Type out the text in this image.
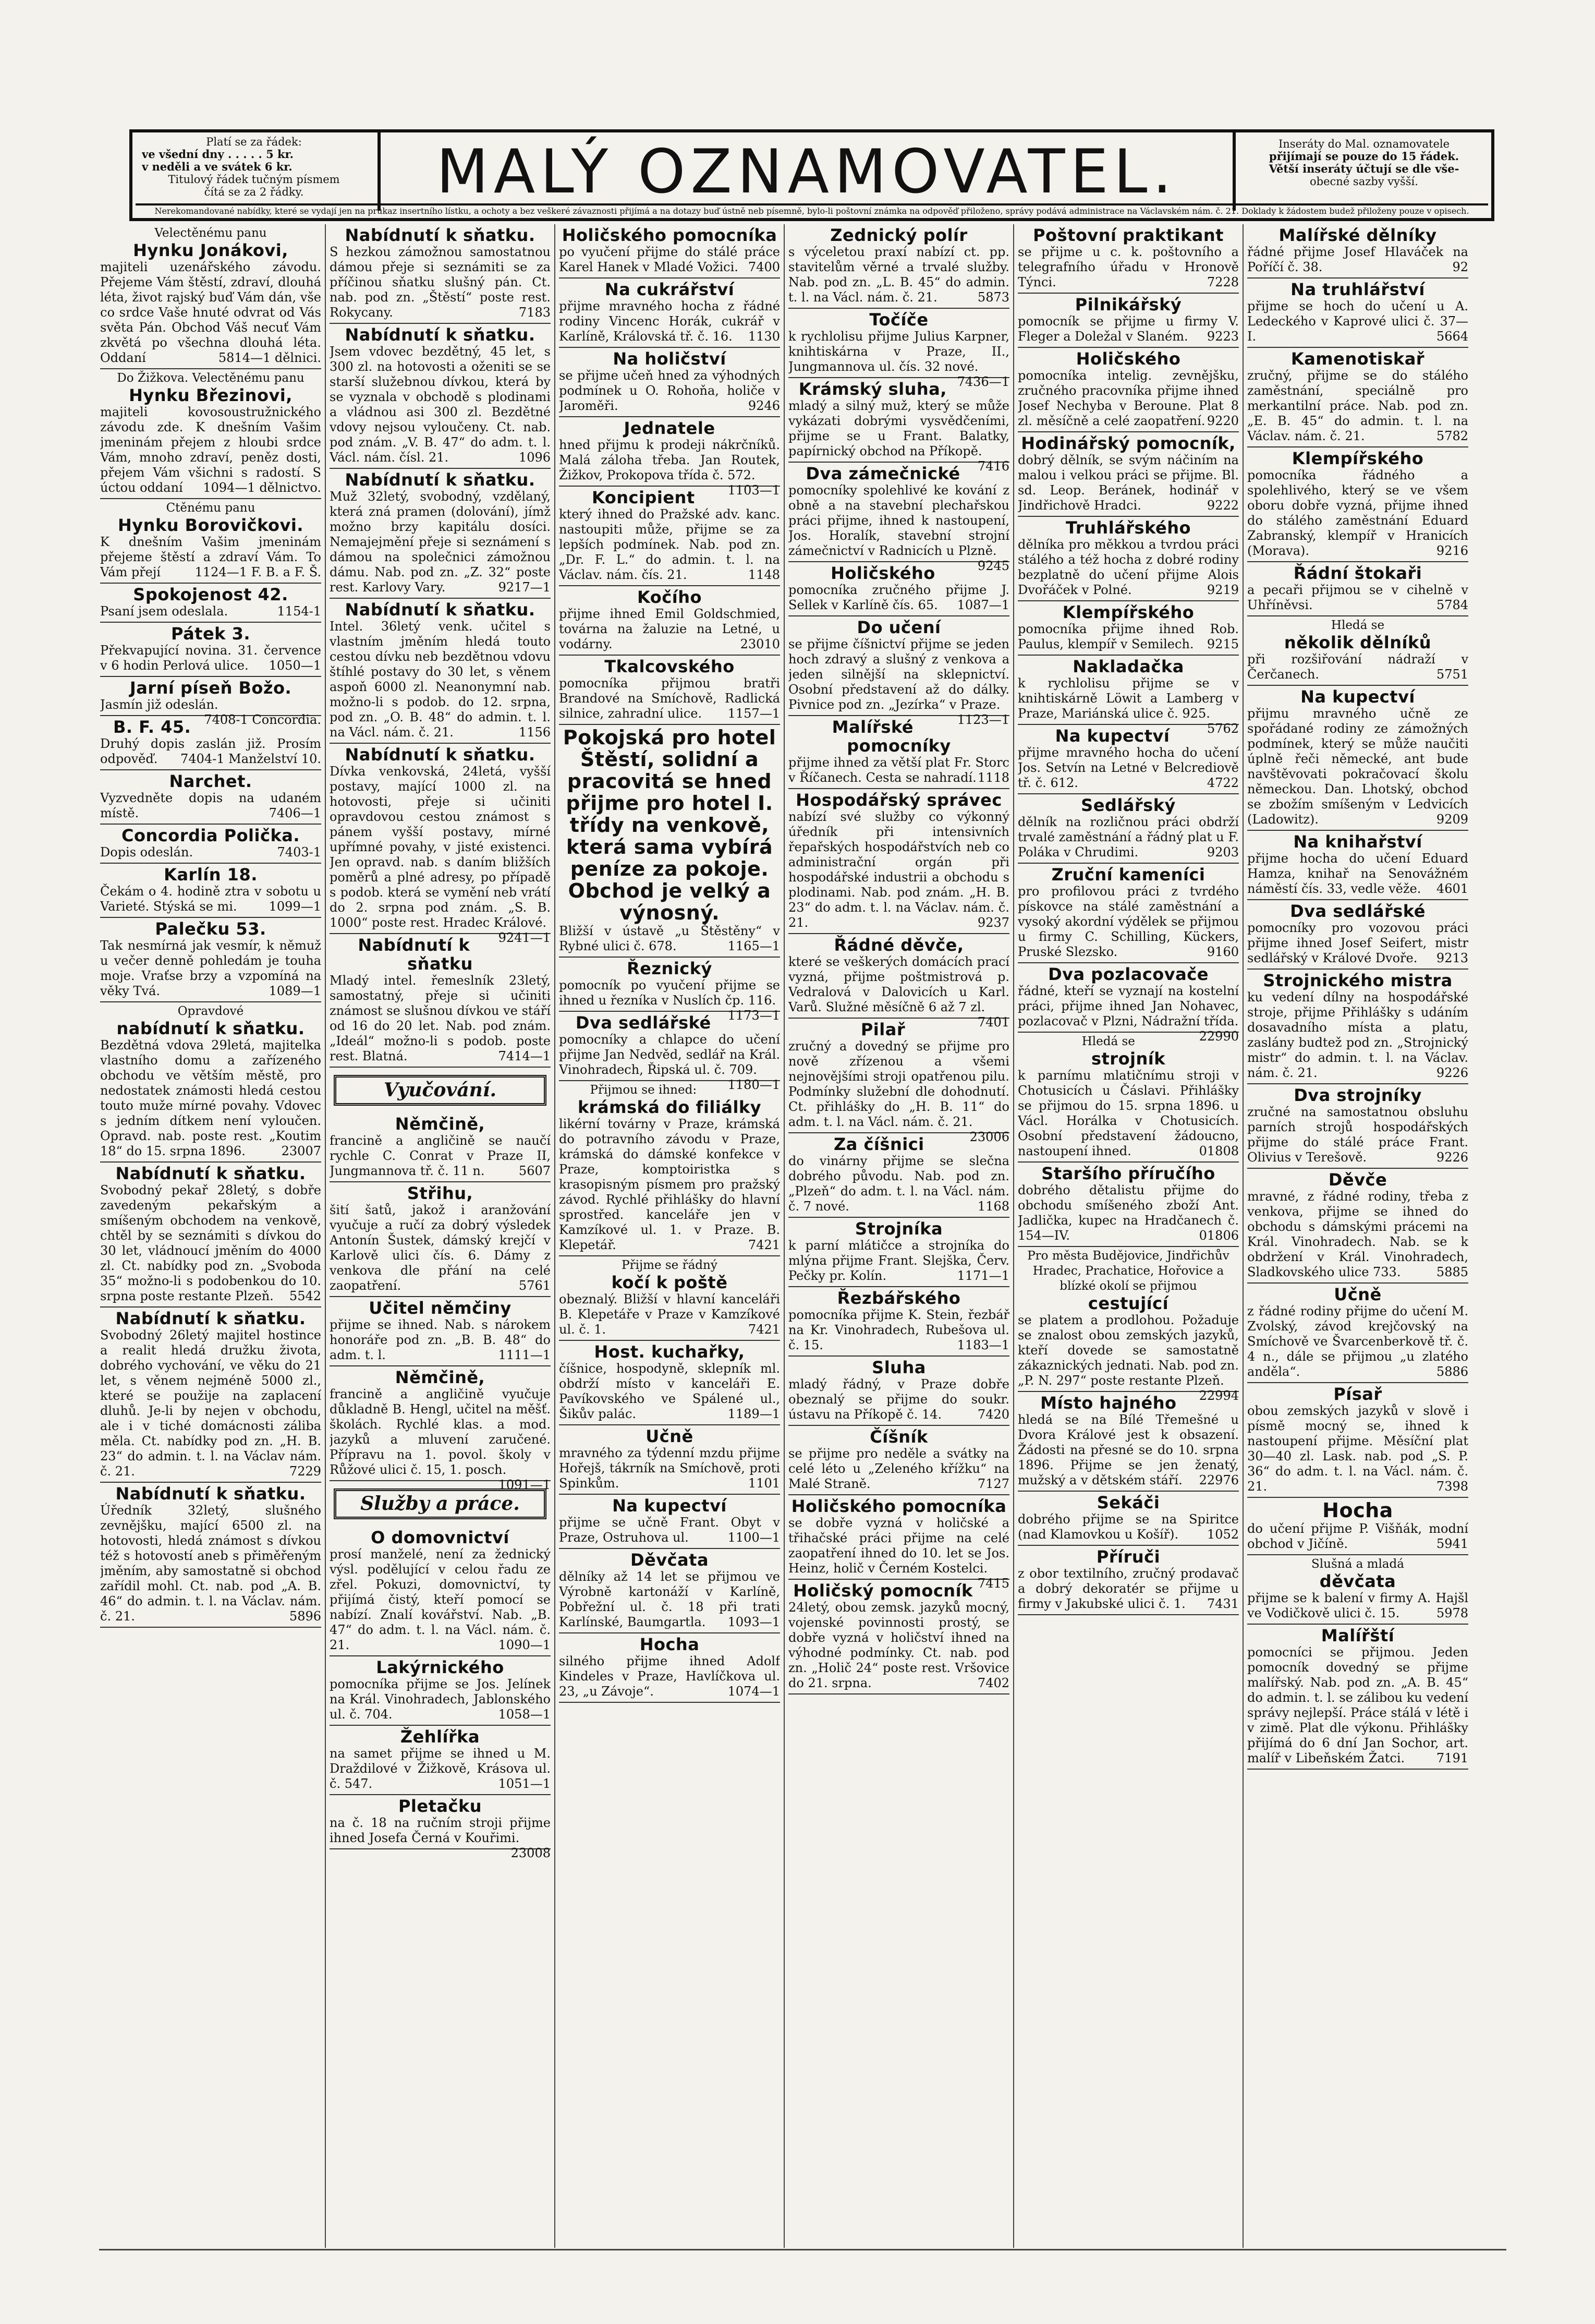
Platí se za řádek:
ve všední dny . . . . . 5 kr.
v neděli a ve svátek 6 kr.
Titulový řádek tučným písmem
čítá se za 2 řádky.	MALÝ OZNAMOVATEL.	Inseráty do Mal. oznamovatele
přijímají se pouze do 15 řádek.
Větší inseráty účtují se dle vše-
obecné sazby vyšší.
Nerekomandované nabídky, které se vydají jen na průkaz insertního lístku, a ochoty a bez veškeré závaznosti přijímá a na dotazy buď ústně neb písemně, bylo-li poštovní známka na odpověď přiloženo, správy podává administrace na Václavském nám. č. 21. Doklady k žádostem budež přiloženy pouze v opisech.
Velectěnému panu
Hynku Jonákovi,
majiteli uzenářského závodu. Přejeme Vám štěstí, zdraví, dlouhá léta, život rajský buď Vám dán, vše co srdce Vaše hnuté odvrat od Vás světa Pán. Obchod Váš necuť Vám zkvětá po všechna dlouhá léta. Oddaní	5814—1 dělnici.
Do Žižkova. Velectěnému panu
Hynku Březinovi,
majiteli kovosoustružnického závodu zde. K dnešním Vašim jmeninám přejem z hloubi srdce Vám, mnoho zdraví, peněz dosti, přejem Vám všichni s radostí. S úctou oddaní 1094—1 dělnictvo.
Ctěnému panu
Hynku Borovičkovi.
K dnešním Vašim jmeninám přejeme štěstí a zdraví Vám. To Vám přejí	1124—1 F. B. a F. Š.
Spokojenost 42.
Psaní jsem odeslala.	1154-1
Pátek 3.
Překvapující novina. 31. července v 6 hodin Perlová ulice. 1050—1
Jarní píseň Božo.
Jasmín již odeslán.
7408-1 Concordia.
B. F. 45.
Druhý dopis zaslán již. Prosím odpověď. 7404-1 Manželství 10.
Narchet.
Vyzvedněte dopis na udaném místě.	7406—1
Concordia Polička.
Dopis odeslán.	7403-1
Karlín 18.
Čekám o 4. hodině ztra v sobotu u Varieté. Stýská se mi.	1099—1
Palečku 53.
Tak nesmírná jak vesmír, k němuž u večer denně pohledám je touha moje. Vraťse brzy a vzpomíná na věky Tvá.	1089—1
Opravdové
nabídnutí k sňatku.
Bezdětná vdova 29letá, majitelka vlastního domu a zařízeného obchodu ve větším městě, pro nedostatek známosti hledá cestou touto muže mírné povahy. Vdovec s jedním dítkem není vyloučen. Opravd. nab. poste rest. „Koutim 18“ do 15. srpna 1896.	23007
Nabídnutí k sňatku.
Svobodný pekař 28letý, s dobře zavedeným pekařským a smíšeným obchodem na venkově, chtěl by se seznámiti s dívkou do 30 let, vládnoucí jměním do 4000 zl. Ct. nabídky pod zn. „Svoboda 35“ možno-li s podobenkou do 10. srpna poste restante Plzeň. 5542
Nabídnutí k sňatku.
Svobodný 26letý majitel hostince a realit hledá družku života, dobrého vychování, ve věku do 21 let, s věnem nejméně 5000 zl., které se použije na zaplacení dluhů. Je-li by nejen v obchodu, ale i v tiché domácnosti záliba měla. Ct. nabídky pod zn. „H. B. 23“ do admin. t. l. na Václav nám. č. 21.	7229
Nabídnutí k sňatku.
Úředník 32letý, slušného zevnějšku, mající 6500 zl. na hotovosti, hledá známost s dívkou též s hotovostí aneb s přiměřeným jměním, aby samostatně si obchod zařídil mohl. Ct. nab. pod „A. B. 46“ do admin. t. l. na Václav. nám. č. 21.	5896
Nabídnutí k sňatku.
S hezkou zámožnou samostatnou dámou přeje si seznámiti se za příčinou sňatku slušný pán. Ct. nab. pod zn. „Štěstí“ poste rest. Rokycany.	7183
Nabídnutí k sňatku.
Jsem vdovec bezdětný, 45 let, s 300 zl. na hotovosti a oženiti se se starší služebnou dívkou, která by se vyznala v obchodě s plodinami a vládnou asi 300 zl. Bezdětné vdovy nejsou vyloučeny. Ct. nab. pod znám. „V. B. 47“ do adm. t. l. Václ. nám. čísl. 21.	1096
Nabídnutí k sňatku.
Muž 32letý, svobodný, vzdělaný, která zná pramen (dolování), jímž možno brzy kapitálu dosíci. Nemajejmění přeje si seznámení s dámou na společnici zámožnou dámu. Nab. pod zn. „Z. 32“ poste rest. Karlovy Vary.	9217—1
Nabídnutí k sňatku.
Intel. 36letý venk. učitel s vlastním jměním hledá touto cestou dívku neb bezdětnou vdovu štíhlé postavy do 30 let, s věnem aspoň 6000 zl. Neanonymní nab. možno-li s podob. do 12. srpna, pod zn. „O. B. 48“ do admin. t. l. na Václ. nám. č. 21.	1156
Nabídnutí k sňatku.
Dívka venkovská, 24letá, vyšší postavy, mající 1000 zl. na hotovosti, přeje si učiniti opravdovou cestou známost s pánem vyšší postavy, mírné upřímné povahy, v jisté existenci. Jen opravd. nab. s daním bližších poměrů a plné adresy, po případě s podob. která se vymění neb vrátí do 2. srpna pod znám. „S. B. 1000“ poste rest. Hradec Králové.
9241—1
Nabídnutí k sňatku
Mladý intel. řemeslník 23letý, samostatný, přeje si učiniti známost se slušnou dívkou ve stáří od 16 do 20 let. Nab. pod znám. „Ideál“ možno-li s podob. poste rest. Blatná.	7414—1
Vyučování.
Němčině,
francině a angličině se naučí rychle C. Conrat v Praze II, Jungmannova tř. č. 11 n.	5607
Střihu,
šití šatů, jakož i aranžování vyučuje a ručí za dobrý výsledek Antonín Šustek, dámský krejčí v Karlově ulici čís. 6. Dámy z venkova dle přání na celé zaopatření.	5761
Učitel němčiny
přijme se ihned. Nab. s nárokem honoráře pod zn. „B. B. 48“ do adm. t. l.	1111—1
Němčině,
francině a angličině vyučuje důkladně B. Hengl, učitel na měšť. školách. Rychlé klas. a mod. jazyků a mluvení zaručené. Přípravu na 1. povol. školy v Růžové ulici č. 15, 1. posch.
1091—1
Služby a práce.
O domovnictví
prosí manželé, není za žednický výsl. podělující v celou řadu ze zřel. Pokuzi, domovnictví, ty přijímá čistý, kteří pomocí se nabízí. Znalí kovářství. Nab. „B. 47“ do adm. t. l. na Václ. nám. č. 21.	1090—1
Lakýrnického
pomocníka přijme se Jos. Jelínek na Král. Vinohradech, Jablonského ul. č. 704.	1058—1
Žehlířka
na samet přijme se ihned u M. Draždilové v Žižkově, Krásova ul. č. 547.	1051—1
Pletačku
na č. 18 na ručním stroji přijme ihned Josefa Černá v Kouřimi.
23008
Holičského pomocníka
po vyučení přijme do stálé práce Karel Hanek v Mladé Vožici. 7400
Na cukrářství
přijme mravného hocha z řádné rodiny Vincenc Horák, cukrář v Karlíně, Královská tř. č. 16. 1130
Na holičství
se přijme učeň hned za výhodných podmínek u O. Rohoňa, holiče v Jaroměři.	9246
Jednatele
hned přijmu k prodeji nákrčníků. Malá záloha třeba. Jan Routek, Žižkov, Prokopova třída č. 572.
1103—1
Koncipient
který ihned do Pražské adv. kanc. nastoupiti může, přijme se za lepších podmínek. Nab. pod zn. „Dr. F. L.“ do admin. t. l. na Václav. nám. čís. 21.	1148
Kočího
přijme ihned Emil Goldschmied, továrna na žaluzie na Letné, u vodárny.	23010
Tkalcovského
pomocníka přijmou bratři Brandové na Smíchově, Radlická silnice, zahradní ulice. 1157—1
Pokojská pro hotel Štěstí, solidní a pracovitá se hned přijme pro hotel I. třídy na venkově, která sama vybírá peníze za pokoje. Obchod je velký a výnosný.
Bližší v ústavě „u Štěstěny“ v Rybné ulici č. 678.	1165—1
Řeznický
pomocník po vyučení přijme se ihned u řezníka v Nuslích čp. 116.
1173—1
Dva sedlářské
pomocníky a chlapce do učení přijme Jan Nedvěd, sedlář na Král. Vinohradech, Řipská ul. č. 709.
1180—1
Přijmou se ihned:
krámská do filiálky
likérní továrny v Praze, krámská do potravního závodu v Praze, krámská do dámské konfekce v Praze, komptoiristka s krasopisným písmem pro pražský závod. Rychlé přihlášky do hlavní sprostřed. kanceláře jen v Kamzíkové ul. 1. v Praze. B. Klepetář.	7421
Přijme se řádný
kočí k poště
obeznalý. Bližší v hlavní kanceláři B. Klepetáře v Praze v Kamzíkové ul. č. 1.	7421
Host. kuchařky,
číšnice, hospodyně, sklepník ml. obdrží místo v kanceláři E. Pavíkovského ve Spálené ul., Šikův palác.	1189—1
Učně
mravného za týdenní mzdu přijme Hořejš, tákrník na Smíchově, proti Spinkům.	1101
Na kupectví
přijme se učně Frant. Obyt v Praze, Ostruhova ul.	1100—1
Děvčata
dělníky až 14 let se přijmou ve Výrobně kartonáží v Karlíně, Pobřežní ul. č. 18 při trati Karlínské, Baumgartla. 1093—1
Hocha
silného přijme ihned Adolf Kindeles v Praze, Havlíčkova ul. 23, „u Závoje“.	1074—1
Zednický polír
s výceletou praxí nabízí ct. pp. stavitelům věrné a trvalé služby. Nab. pod zn. „L. B. 45“ do admin. t. l. na Václ. nám. č. 21.	5873
Točíče
k rychlolisu přijme Julius Karpner, knihtiskárna v Praze, II., Jungmannova ul. čís. 32 nové.
7436—1
Krámský sluha,
mladý a silný muž, který se může vykázati dobrými vysvědčeními, přijme se u Frant. Balatky, papírnický obchod na Příkopě.
7416
Dva zámečnické
pomocníky spolehlivé ke kování z obně a na stavební plechařskou práci přijme, ihned k nastoupení, Jos. Horalík, stavební strojní zámečnictví v Radnicích u Plzně.
9245
Holičského
pomocníka zručného přijme J. Sellek v Karlíně čís. 65. 1087—1
Do učení
se přijme číšnictví přijme se jeden hoch zdravý a slušný z venkova a jeden silnější na sklepnictví. Osobní představení až do dálky. Pivnice pod zn. „Jezírka“ v Praze.
1123—1
Malířské pomocníky
přijme ihned za větší plat Fr. Storc v Říčanech. Cesta se nahradí. 1118
Hospodářský správec
nabízí své služby co výkonný úředník při intensivních řepařských hospodářstvích neb co administrační orgán při hospodářské industrii a obchodu s plodinami. Nab. pod znám. „H. B. 23“ do adm. t. l. na Václav. nám. č. 21.	9237
Řádné děvče,
které se veškerých domácích prací vyzná, přijme poštmistrová p. Vedralová v Dalovicích u Karl. Varů. Služné měsíčně 6 až 7 zl.
7401
Pilař
zručný a dovedný se přijme pro nově zřízenou a všemi nejnovějšími stroji opatřenou pilu. Podmínky služební dle dohodnutí. Ct. přihlášky do „H. B. 11“ do adm. t. l. na Václ. nám. č. 21.
23006
Za číšnici
do vinárny přijme se slečna dobrého původu. Nab. pod zn. „Plzeň“ do adm. t. l. na Václ. nám. č. 7 nové.	1168
Strojníka
k parní mlátičce a strojníka do mlýna přijme Frant. Slejška, Červ. Pečky pr. Kolín.	1171—1
Řezbářského
pomocníka přijme K. Stein, řezbář na Kr. Vinohradech, Rubešova ul. č. 15.	1183—1
Sluha
mladý řádný, v Praze dobře obeznalý se přijme do soukr. ústavu na Příkopě č. 14.	7420
Číšník
se přijme pro neděle a svátky na celé léto u „Zeleného křížku“ na Malé Straně.	7127
Holičského pomocníka
se dobře vyzná v holičské a třihačské práci přijme na celé zaopatření ihned do 10. let se Jos. Heinz, holič v Černém Kostelci.
7415
Holičský pomocník
24letý, obou zemsk. jazyků mocný, vojenské povinnosti prostý, se dobře vyzná v holičství ihned na výhodné podmínky. Ct. nab. pod zn. „Holič 24“ poste rest. Vršovice do 21. srpna.	7402
Poštovní praktikant
se přijme u c. k. poštovního a telegrafního úřadu v Hronově Týnci.	7228
Pilnikářský
pomocník se přijme u firmy V. Fleger a Doležal v Slaném. 9223
Holičského
pomocníka intelig. zevnějšku, zručného pracovníka přijme ihned Josef Nechyba v Beroune. Plat 8 zl. měsíčně a celé zaopatření. 9220
Hodinářský pomocník,
dobrý dělník, se svým náčiním na malou i velkou práci se přijme. Bl. sd. Leop. Beránek, hodinář v Jindřichově Hradci.	9222
Truhlářského
dělníka pro měkkou a tvrdou práci stálého a též hocha z dobré rodiny bezplatně do učení přijme Alois Dvořáček v Polné.	9219
Klempířského
pomocníka přijme ihned Rob. Paulus, klempíř v Semilech. 9215
Nakladačka
k rychlolisu přijme se v knihtiskárně Löwit a Lamberg v Praze, Mariánská ulice č. 925.
5762
Na kupectví
přijme mravného hocha do učení Jos. Setvín na Letné v Belcrediově tř. č. 612.	4722
Sedlářský
dělník na rozličnou práci obdrží trvalé zaměstnání a řádný plat u F. Poláka v Chrudimi.	9203
Zruční kameníci
pro profilovou práci z tvrdého pískovce na stálé zaměstnání a vysoký akordní výdělek se přijmou u firmy C. Schilling, Kückers, Pruské Slezsko.	9160
Dva pozlacovače
řádné, kteří se vyznají na kostelní práci, přijme ihned Jan Nohavec, pozlacovač v Plzni, Nádražní třída.
22990
Hledá se
strojník
k parnímu mlatičnímu stroji v Chotusicích u Čáslavi. Přihlášky se přijmou do 15. srpna 1896. u Václ. Horálka v Chotusicích. Osobní představení žádoucno, nastoupení ihned.	01808
Staršího příručího
dobrého dětalistu přijme do obchodu smíšeného zboží Ant. Jadlička, kupec na Hradčanech č. 154—IV.	01806
Pro města Budějovice, Jindřichův Hradec, Prachatice, Hořovice a blízké okolí se přijmou
cestující
se platem a prodlohou. Požaduje se znalost obou zemských jazyků, kteří dovede se samostatně zákaznických jednati. Nab. pod zn. „P. N. 297“ poste restante Plzeň.
22994
Místo hajného
hledá se na Bílé Třemešné u Dvora Králové jest k obsazení. Žádosti na přesné se do 10. srpna 1896. Přijme se jen ženatý, mužský a v dětském stáří. 22976
Sekáči
dobrého přijme se na Spiritce (nad Klamovkou u Košíř). 1052
Příruči
z obor textilního, zručný prodavač a dobrý dekoratér se přijme u firmy v Jakubské ulici č. 1. 7431
Malířské dělníky
řádné přijme Josef Hlaváček na Poříčí č. 38.	92
Na truhlářství
přijme se hoch do učení u A. Ledeckého v Kaprové ulici č. 37—I.	5664
Kamenotiskař
zručný, přijme se do stálého zaměstnání, speciálně pro merkantilní práce. Nab. pod zn. „E. B. 45“ do admin. t. l. na Václav. nám. č. 21.	5782
Klempířského
pomocníka řádného a spolehlivého, který se ve všem oboru dobře vyzná, přijme ihned do stálého zaměstnání Eduard Zabranský, klempíř v Hranicích (Morava).	9216
Řádní štokaři
a pecaři přijmou se v cihelně v Uhříněvsi.	5784
Hledá se
několik dělníků
při rozšiřování nádraží v Čerčanech.	5751
Na kupectví
přijmu mravného učně ze spořádané rodiny ze zámožných podmínek, který se může naučiti úplně řeči německé, ant bude navštěvovati pokračovací školu německou. Dan. Lhotský, obchod se zbožím smíšeným v Ledvicích (Ladowitz).	9209
Na knihařství
přijme hocha do učení Eduard Hamza, knihař na Senovážném náměstí čís. 33, vedle věže. 4601
Dva sedlářské
pomocníky pro vozovou práci přijme ihned Josef Seifert, mistr sedlářský v Králové Dvoře. 9213
Strojnického mistra
ku vedení dílny na hospodářské stroje, přijme Přihlášky s udáním dosavadního místa a platu, zaslány budtež pod zn. „Strojnický mistr“ do admin. t. l. na Václav. nám. č. 21.	9226
Dva strojníky
zručné na samostatnou obsluhu parních strojů hospodářských přijme do stálé práce Frant. Olivius v Terešově.	9226
Děvče
mravné, z řádné rodiny, třeba z venkova, přijme se ihned do obchodu s dámskými prácemi na Král. Vinohradech. Nab. se k obdržení v Král. Vinohradech, Sladkovského ulice 733.	5885
Učně
z řádné rodiny přijme do učení M. Zvolský, závod krejčovský na Smíchově ve Švarcenberkově tř. č. 4 n., dále se přijmou „u zlatého anděla“.	5886
Písař
obou zemských jazyků v slově i písmě mocný se, ihned k nastoupení přijme. Měsíční plat 30—40 zl. Lask. nab. pod „S. P. 36“ do adm. t. l. na Václ. nám. č. 21.	7398
Hocha
do učení přijme P. Višňák, modní obchod v Jičíně.	5941
Slušná a mladá
děvčata
přijme se k balení v firmy A. Hajšl ve Vodičkově ulici č. 15.	5978
Malířští
pomocníci se přijmou. Jeden pomocník dovedný se přijme malířský. Nab. pod zn. „A. B. 45“ do admin. t. l. se zálibou ku vedení správy nejlepší. Práce stálá v létě i v zimě. Plat dle výkonu. Přihlášky přijímá do 6 dní Jan Sochor, art. malíř v Libeňském Žatci.	7191
